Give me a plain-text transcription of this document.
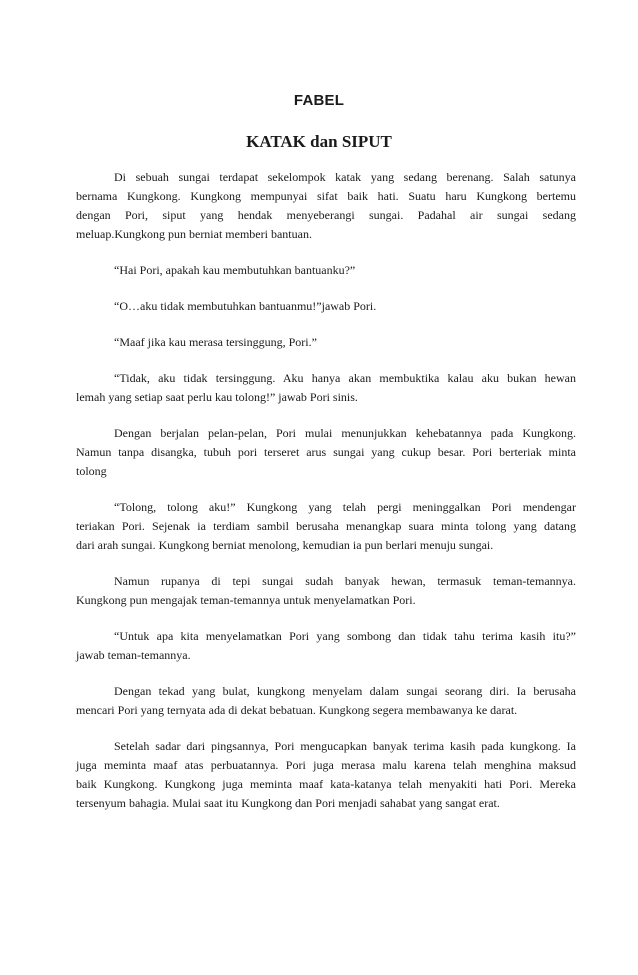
FABEL
KATAK dan SIPUT

Di sebuah sungai terdapat sekelompok katak yang sedang berenang. Salah satunya
bernama Kungkong. Kungkong mempunyai sifat baik hati. Suatu haru Kungkong bertemu
dengan Pori, siput yang hendak menyeberangi sungai. Padahal air sungai sedang
meluap.Kungkong pun berniat memberi bantuan.

“Hai Pori, apakah kau membutuhkan bantuanku?”

“O…aku tidak membutuhkan bantuanmu!”jawab Pori.

“Maaf jika kau merasa tersinggung, Pori.”

“Tidak, aku tidak tersinggung. Aku hanya akan membuktika kalau aku bukan hewan
lemah yang setiap saat perlu kau tolong!” jawab Pori sinis.

Dengan berjalan pelan-pelan, Pori mulai menunjukkan kehebatannya pada Kungkong.
Namun tanpa disangka, tubuh pori terseret arus sungai yang cukup besar. Pori berteriak minta
tolong

“Tolong, tolong aku!” Kungkong yang telah pergi meninggalkan Pori mendengar
teriakan Pori. Sejenak ia terdiam sambil berusaha menangkap suara minta tolong yang datang
dari arah sungai. Kungkong berniat menolong, kemudian ia pun berlari menuju sungai.

Namun rupanya di tepi sungai sudah banyak hewan, termasuk teman-temannya.
Kungkong pun mengajak teman-temannya untuk menyelamatkan Pori.

“Untuk apa kita menyelamatkan Pori yang sombong dan tidak tahu terima kasih itu?”
jawab teman-temannya.

Dengan tekad yang bulat, kungkong menyelam dalam sungai seorang diri. Ia berusaha
mencari Pori yang ternyata ada di dekat bebatuan. Kungkong segera membawanya ke darat.

Setelah sadar dari pingsannya, Pori mengucapkan banyak terima kasih pada kungkong. Ia
juga meminta maaf atas perbuatannya. Pori juga merasa malu karena telah menghina maksud
baik Kungkong. Kungkong juga meminta maaf kata-katanya telah menyakiti hati Pori. Mereka
tersenyum bahagia. Mulai saat itu Kungkong dan Pori menjadi sahabat yang sangat erat.
